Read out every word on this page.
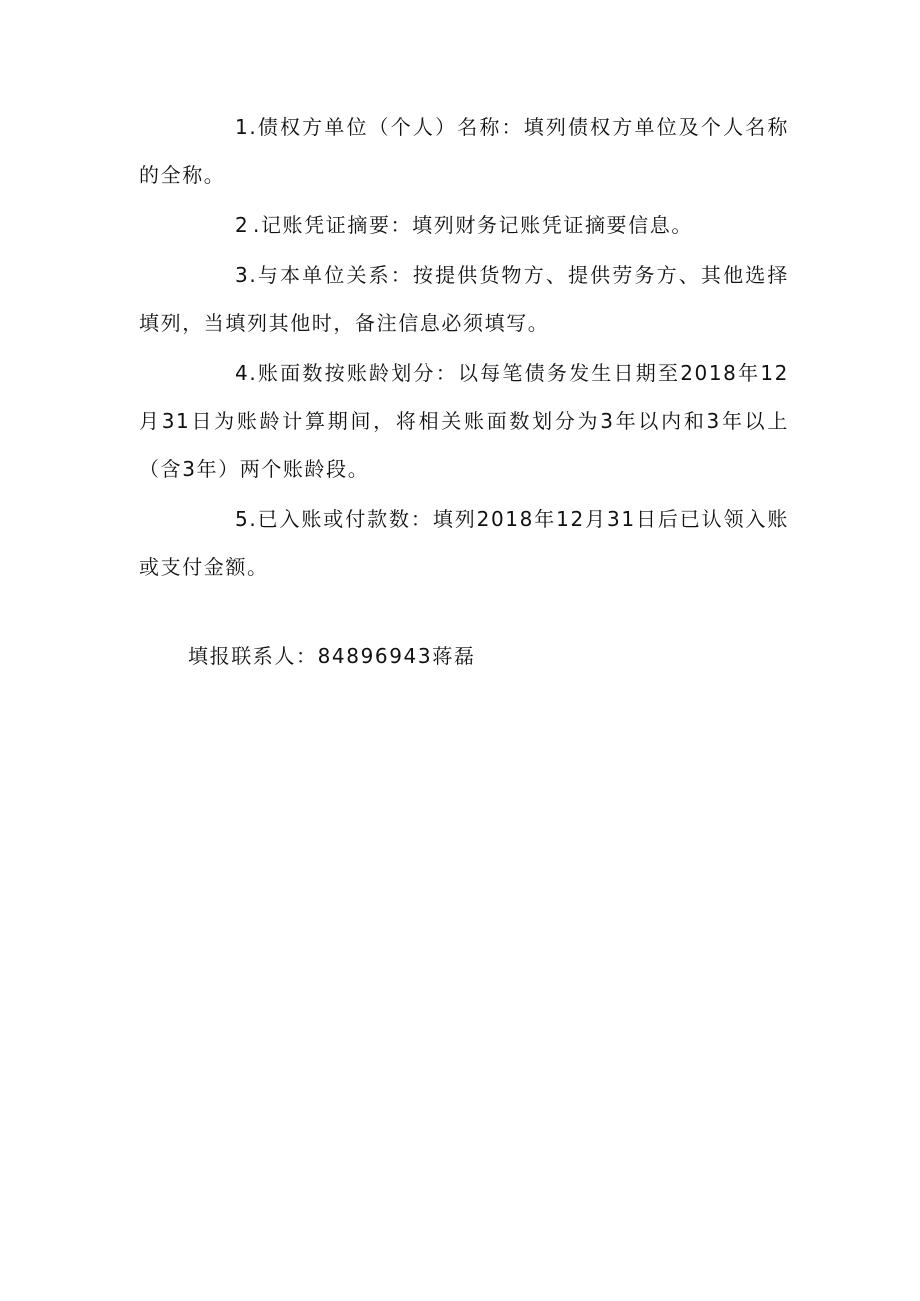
1.债权方单位（个人）名称：填列债权方单位及个人名称的全称。

2 .记账凭证摘要：填列财务记账凭证摘要信息。

3.与本单位关系：按提供货物方、提供劳务方、其他选择填列，当填列其他时，备注信息必须填写。

4.账面数按账龄划分：以每笔债务发生日期至2018年12月31日为账龄计算期间，将相关账面数划分为3年以内和3年以上（含3年）两个账龄段。

5.已入账或付款数：填列2018年12月31日后已认领入账或支付金额。

填报联系人：84896943蒋磊
